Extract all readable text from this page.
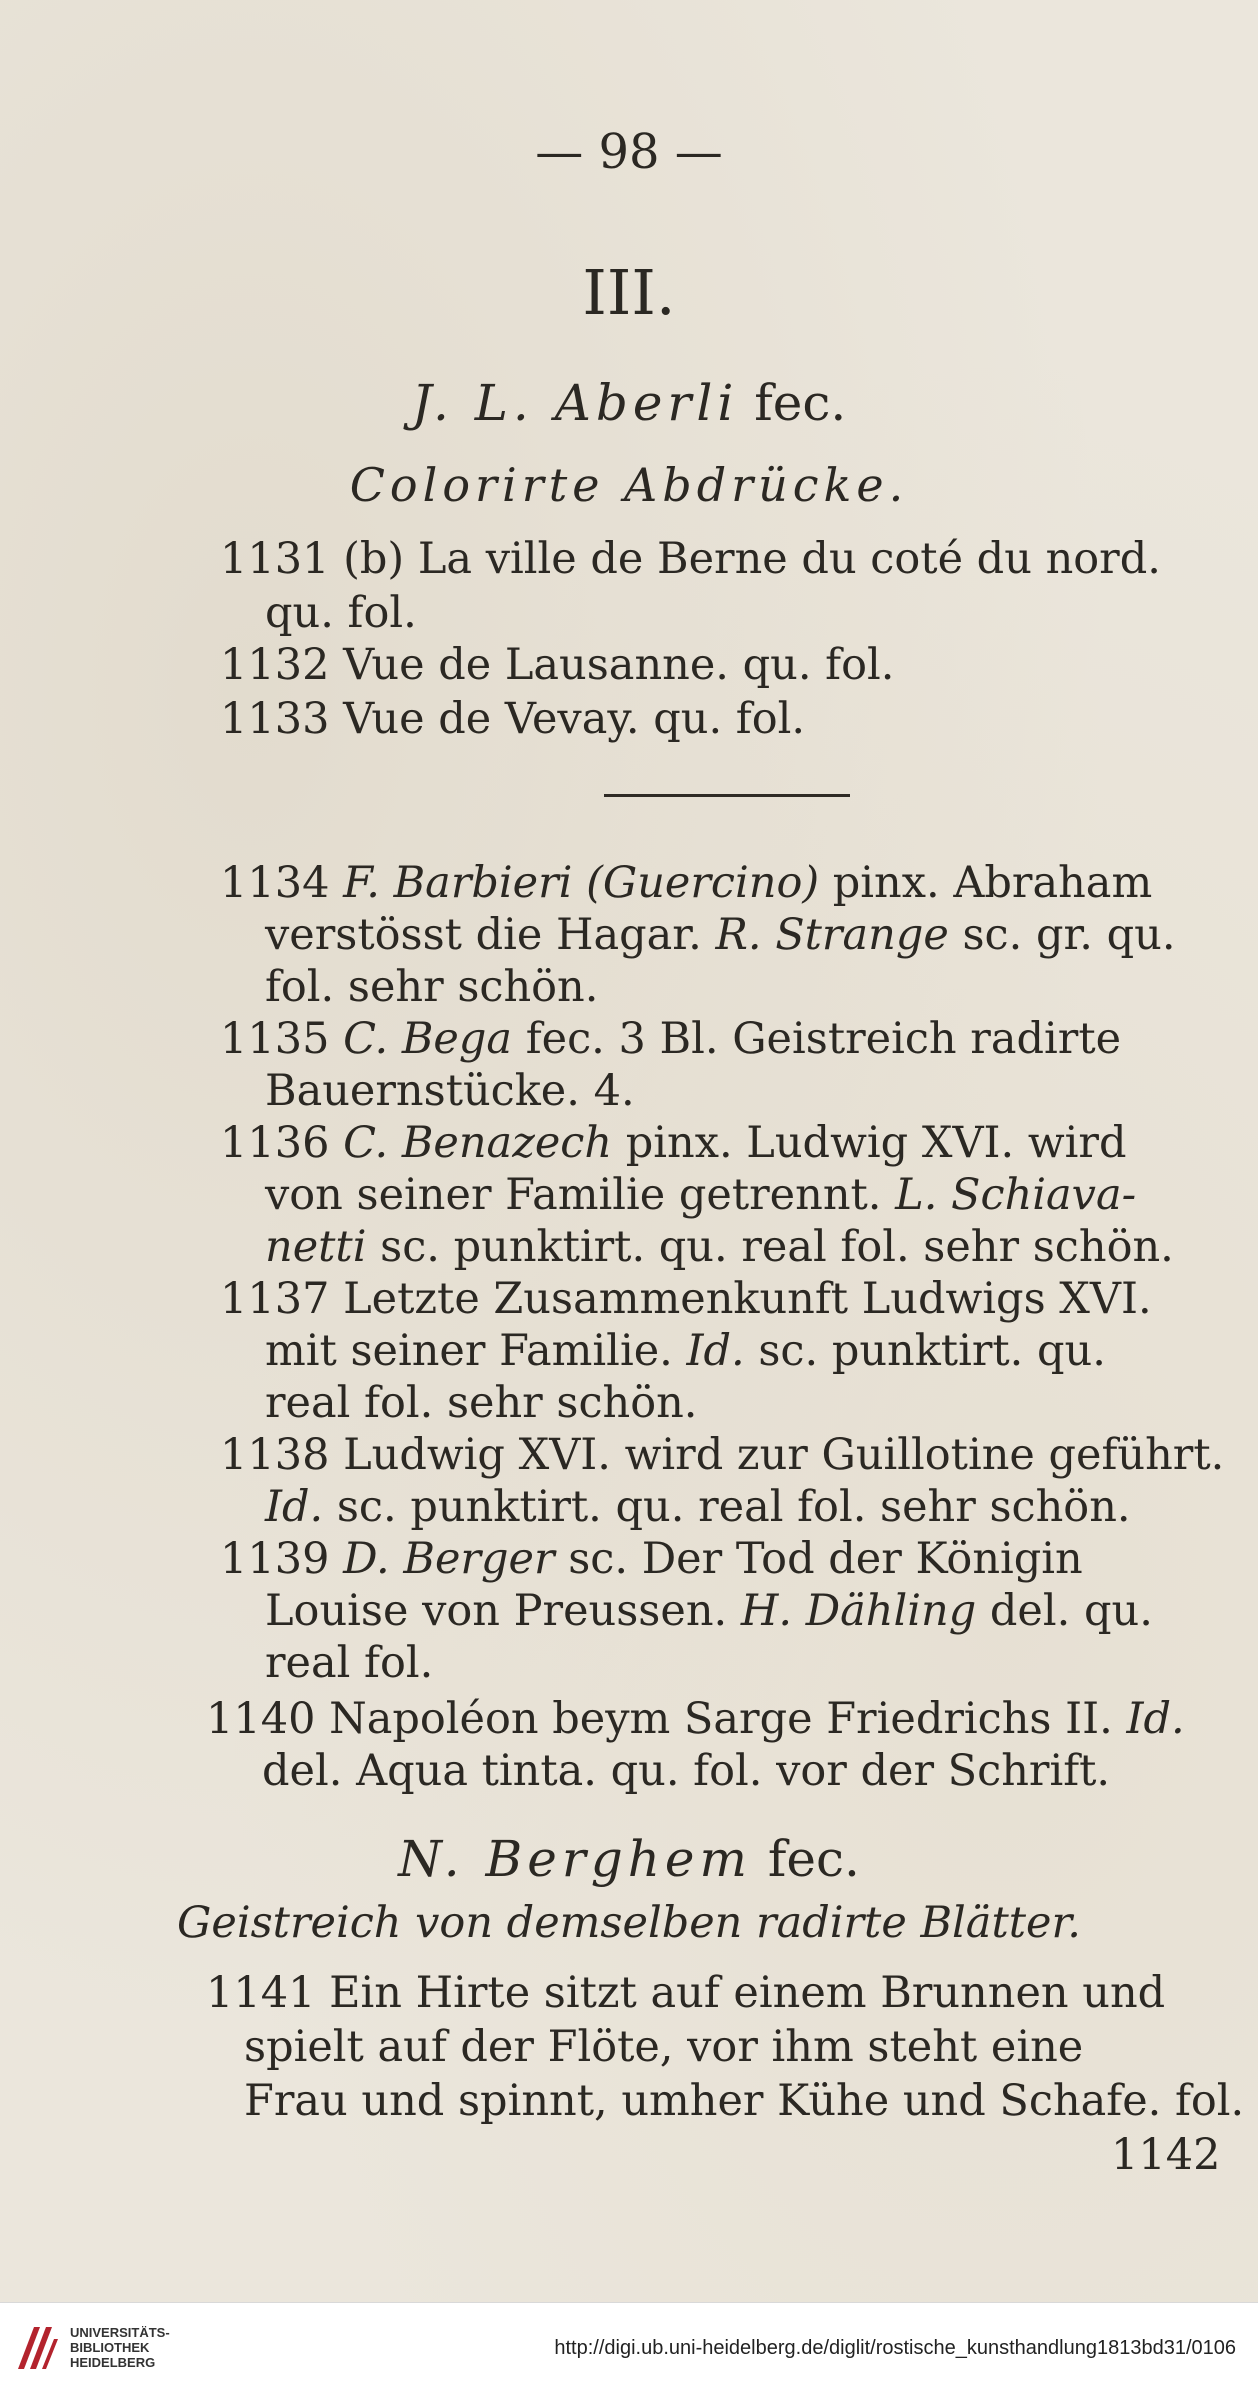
— 98 —
III.
J. L. Aberli fec.
Colorirte Abdrücke.
1131 (b) La ville de Berne du coté du nord.
qu. fol.
1132 Vue de Lausanne. qu. fol.
1133 Vue de Vevay. qu. fol.
1134 F. Barbieri (Guercino) pinx. Abraham
verstösst die Hagar. R. Strange sc. gr. qu.
fol. sehr schön.
1135 C. Bega fec. 3 Bl. Geistreich radirte
Bauernstücke. 4.
1136 C. Benazech pinx. Ludwig XVI. wird
von seiner Familie getrennt. L. Schiava-
netti sc. punktirt. qu. real fol. sehr schön.
1137 Letzte Zusammenkunft Ludwigs XVI.
mit seiner Familie. Id. sc. punktirt. qu.
real fol. sehr schön.
1138 Ludwig XVI. wird zur Guillotine geführt.
Id. sc. punktirt. qu. real fol. sehr schön.
1139 D. Berger sc. Der Tod der Königin
Louise von Preussen. H. Dähling del. qu.
real fol.
1140 Napoléon beym Sarge Friedrichs II. Id.
del. Aqua tinta. qu. fol. vor der Schrift.
N. Berghem fec.
Geistreich von demselben radirte Blätter.
1141 Ein Hirte sitzt auf einem Brunnen und
spielt auf der Flöte, vor ihm steht eine
Frau und spinnt, umher Kühe und Schafe. fol.
1142
UNIVERSITÄTS-
BIBLIOTHEK
HEIDELBERG
http://digi.ub.uni-heidelberg.de/diglit/rostische_kunsthandlung1813bd31/0106
